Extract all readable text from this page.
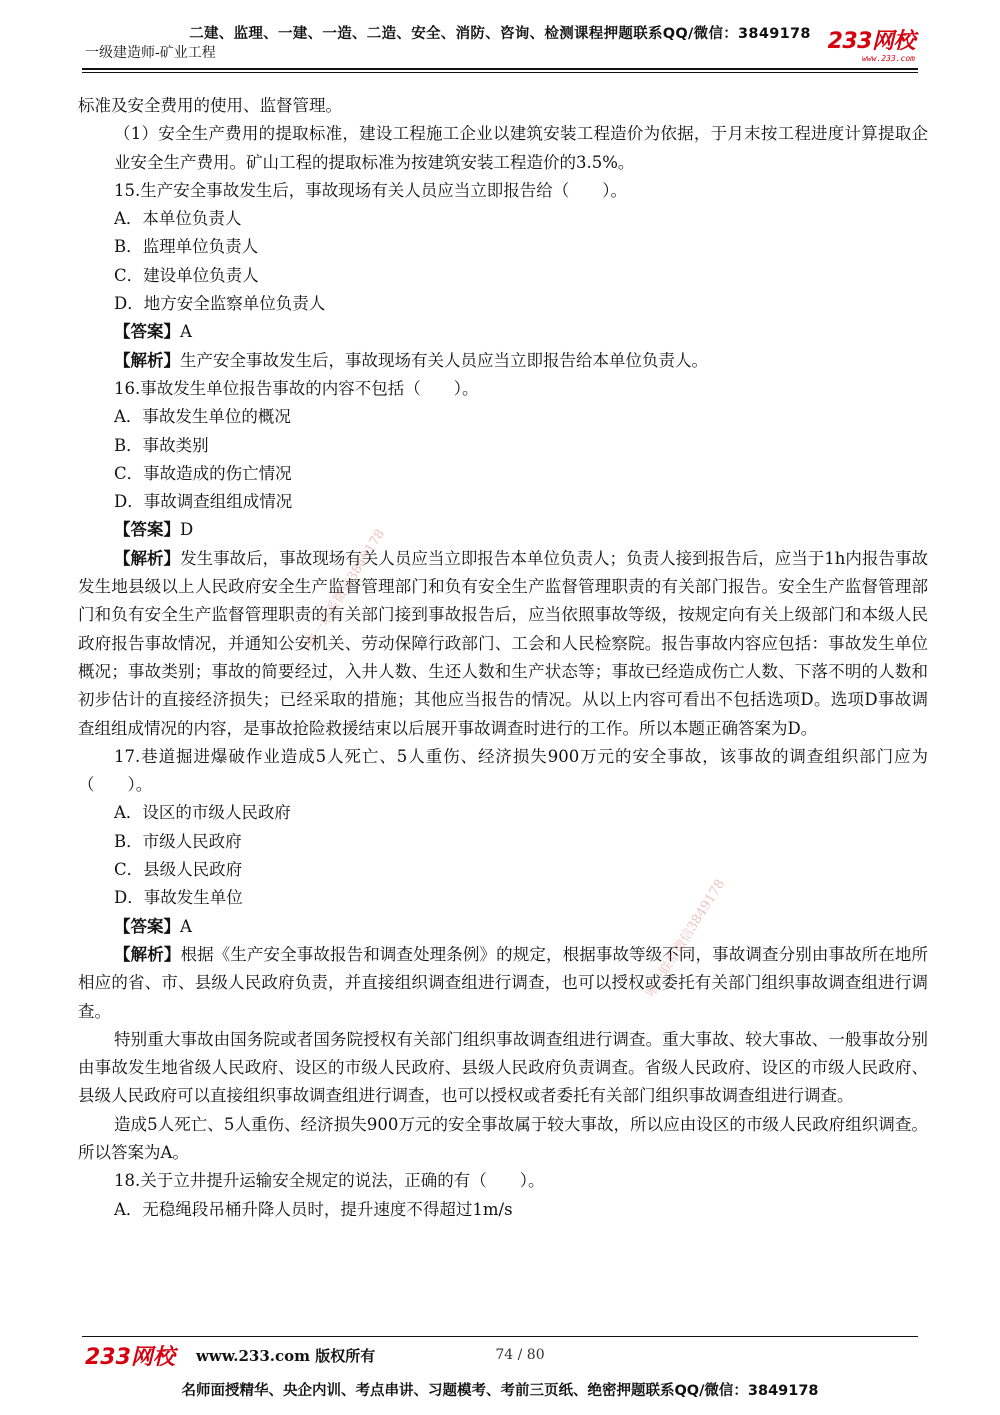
二建、监理、一建、一造、二造、安全、消防、咨询、检测课程押题联系QQ/微信：3849178
一级建造师-矿业工程	233网校
www.233.com

标准及安全费用的使用、监督管理。

（1）安全生产费用的提取标准，建设工程施工企业以建筑安装工程造价为依据，于月末按工程进度计算提取企业安全生产费用。矿山工程的提取标准为按建筑安装工程造价的3.5%。

15.生产安全事故发生后，事故现场有关人员应当立即报告给（　　）。

A．本单位负责人

B．监理单位负责人

C．建设单位负责人

D．地方安全监察单位负责人

【答案】A

【解析】生产安全事故发生后，事故现场有关人员应当立即报告给本单位负责人。

16.事故发生单位报告事故的内容不包括（　　）。

A．事故发生单位的概况

B．事故类别

C．事故造成的伤亡情况

D．事故调查组组成情况

【答案】D

【解析】发生事故后，事故现场有关人员应当立即报告本单位负责人；负责人接到报告后，应当于1h内报告事故发生地县级以上人民政府安全生产监督管理部门和负有安全生产监督管理职责的有关部门报告。安全生产监督管理部门和负有安全生产监督管理职责的有关部门接到事故报告后，应当依照事故等级，按规定向有关上级部门和本级人民政府报告事故情况，并通知公安机关、劳动保障行政部门、工会和人民检察院。报告事故内容应包括：事故发生单位概况；事故类别；事故的简要经过，入井人数、生还人数和生产状态等；事故已经造成伤亡人数、下落不明的人数和初步估计的直接经济损失；已经采取的措施；其他应当报告的情况。从以上内容可看出不包括选项D。选项D事故调查组组成情况的内容，是事故抢险救援结束以后展开事故调查时进行的工作。所以本题正确答案为D。

17.巷道掘进爆破作业造成5人死亡、5人重伤、经济损失900万元的安全事故，该事故的调查组织部门应为（　　）。

A．设区的市级人民政府

B．市级人民政府

C．县级人民政府

D．事故发生单位

【答案】A

【解析】根据《生产安全事故报告和调查处理条例》的规定，根据事故等级不同，事故调查分别由事故所在地所相应的省、市、县级人民政府负责，并直接组织调查组进行调查，也可以授权或委托有关部门组织事故调查组进行调查。

特别重大事故由国务院或者国务院授权有关部门组织事故调查组进行调查。重大事故、较大事故、一般事故分别由事故发生地省级人民政府、设区的市级人民政府、县级人民政府负责调查。省级人民政府、设区的市级人民政府、县级人民政府可以直接组织事故调查组进行调查，也可以授权或者委托有关部门组织事故调查组进行调查。

造成5人死亡、5人重伤、经济损失900万元的安全事故属于较大事故，所以应由设区的市级人民政府组织调查。所以答案为A。

18.关于立井提升运输安全规定的说法，正确的有（　　）。

A．无稳绳段吊桶升降人员时，提升速度不得超过1m/s

唯一联系微信3849178
唯一联系微信3849178
233网校 www.233.com 版权所有	74 / 80
名师面授精华、央企内训、考点串讲、习题模考、考前三页纸、绝密押题联系QQ/微信：3849178
